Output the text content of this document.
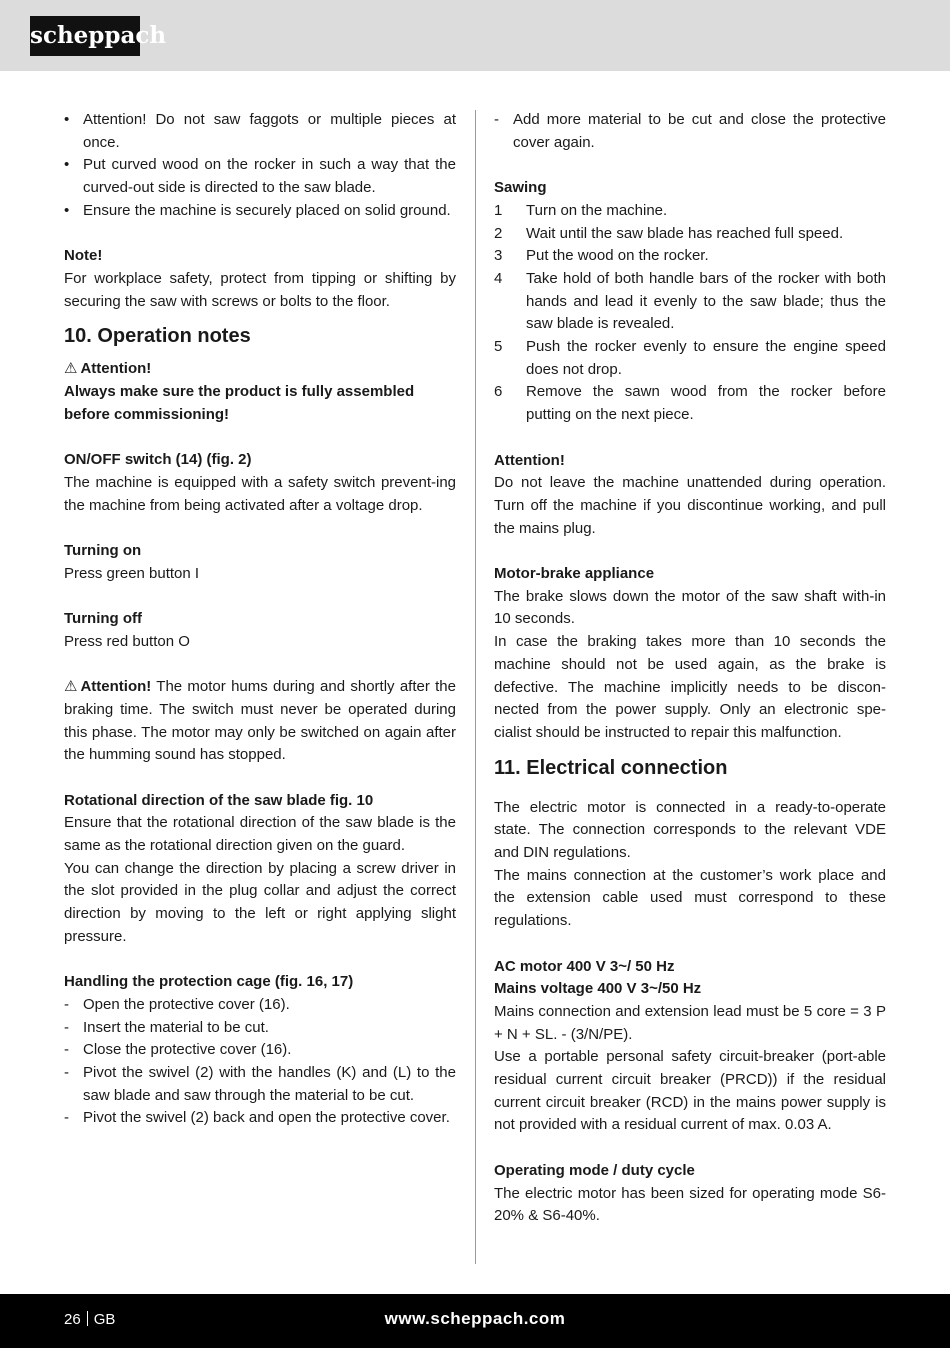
scheppach
• Attention! Do not saw faggots or multiple pieces at once.
• Put curved wood on the rocker in such a way that the curved-out side is directed to the saw blade.
• Ensure the machine is securely placed on solid ground.

Note!

For workplace safety, protect from tipping or shifting by securing the saw with screws or bolts to the floor.

10. Operation notes

⚠ Attention!

Always make sure the product is fully assembled before commissioning!

ON/OFF switch (14) (fig. 2)

The machine is equipped with a safety switch prevent-ing the machine from being activated after a voltage drop.

Turning on

Press green button I

Turning off

Press red button O

⚠ Attention! The motor hums during and shortly after the braking time. The switch must never be operated during this phase. The motor may only be switched on again after the humming sound has stopped.

Rotational direction of the saw blade fig. 10

Ensure that the rotational direction of the saw blade is the same as the rotational direction given on the guard.

You can change the direction by placing a screw driver in the slot provided in the plug collar and adjust the correct direction by moving to the left or right applying slight pressure.

Handling the protection cage (fig. 16, 17)

- Open the protective cover (16).
- Insert the material to be cut.
- Close the protective cover (16).
- Pivot the swivel (2) with the handles (K) and (L) to the saw blade and saw through the material to be cut.
- Pivot the swivel (2) back and open the protective cover.
- Add more material to be cut and close the protective cover again.

Sawing

1 Turn on the machine.
2 Wait until the saw blade has reached full speed.
3 Put the wood on the rocker.
4 Take hold of both handle bars of the rocker with both hands and lead it evenly to the saw blade; thus the saw blade is revealed.
5 Push the rocker evenly to ensure the engine speed does not drop.
6 Remove the sawn wood from the rocker before putting on the next piece.

Attention!

Do not leave the machine unattended during operation. Turn off the machine if you discontinue working, and pull the mains plug.

Motor-brake appliance

The brake slows down the motor of the saw shaft with-in 10 seconds.

In case the braking takes more than 10 seconds the machine should not be used again, as the brake is defective. The machine implicitly needs to be discon-nected from the power supply. Only an electronic spe-cialist should be instructed to repair this malfunction.

11. Electrical connection

The electric motor is connected in a ready-to-operate state. The connection corresponds to the relevant VDE and DIN regulations.

The mains connection at the customer’s work place and the extension cable used must correspond to these regulations.

AC motor 400 V 3~/ 50 Hz

Mains voltage 400 V 3~/50 Hz

Mains connection and extension lead must be 5 core = 3 P + N + SL. - (3/N/PE).

Use a portable personal safety circuit-breaker (port-able residual current circuit breaker (PRCD)) if the residual current circuit breaker (RCD) in the mains power supply is not provided with a residual current of max. 0.03 A.

Operating mode / duty cycle

The electric motor has been sized for operating mode S6-20% & S6-40%.

26 GB	www.scheppach.com
